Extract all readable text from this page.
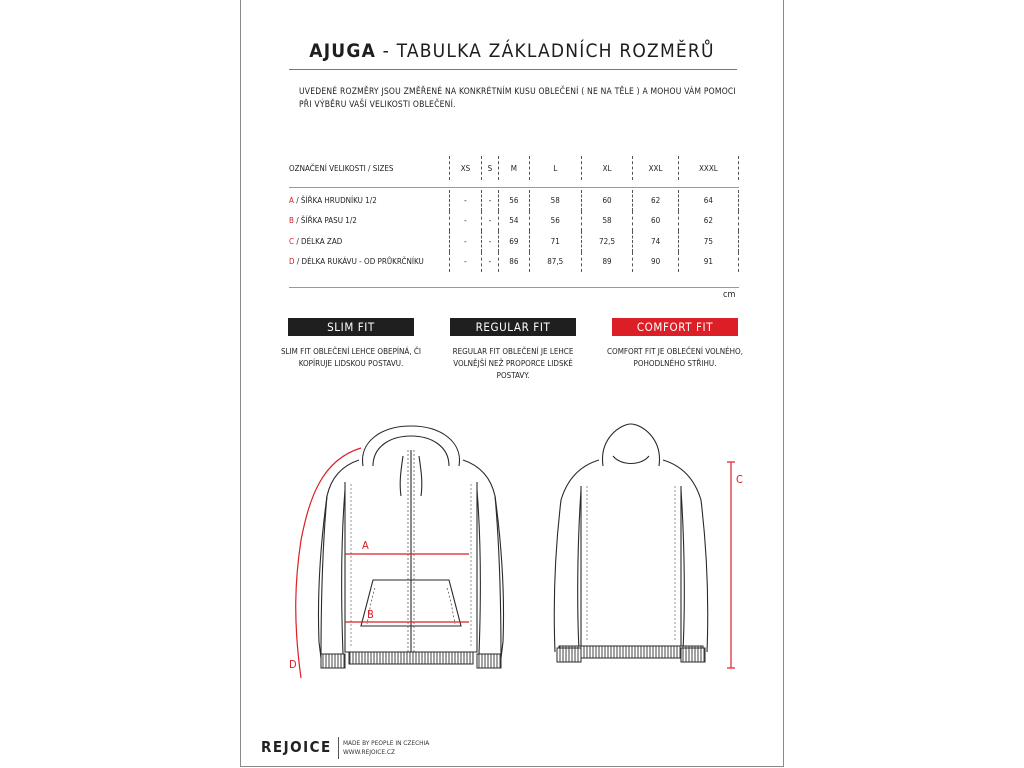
AJUGA - TABULKA ZÁKLADNÍCH ROZMĚRŮ
UVEDENÉ ROZMĚRY JSOU ZMĚŘENÉ NA KONKRÉTNÍM KUSU OBLEČENÍ ( NE NA TĚLE ) A MOHOU VÁM POMOCI PŘI VÝBĚRU VAŠÍ VELIKOSTI OBLEČENÍ.
OZNAČENÍ VELIKOSTI / SIZES	XS	S	M	L	XL	XXL	XXXL

A / ŠÍŘKA HRUDNÍKU 1/2	-	-	56	58	60	62	64
B / ŠÍŘKA PASU 1/2	-	-	54	56	58	60	62
C / DÉLKA ZAD	-	-	69	71	72,5	74	75
D / DÉLKA RUKÁVU - OD PRŮKRČNÍKU	-	-	86	87,5	89	90	91
cm
SLIM FIT	REGULAR FIT	COMFORT FIT
SLIM FIT OBLEČENÍ LEHCE OBEPÍNÁ, ČI KOPÍRUJE LIDSKOU POSTAVU.
REGULAR FIT OBLEČENÍ JE LEHCE VOLNĚJŠÍ NEŽ PROPORCE LIDSKÉ POSTAVY.
COMFORT FIT JE OBLEČENÍ VOLNÉHO, POHODLNÉHO STŘIHU.
A
B
C
D
REJOICE MADE BY PEOPLE IN CZECHIA
WWW.REJOICE.CZ
